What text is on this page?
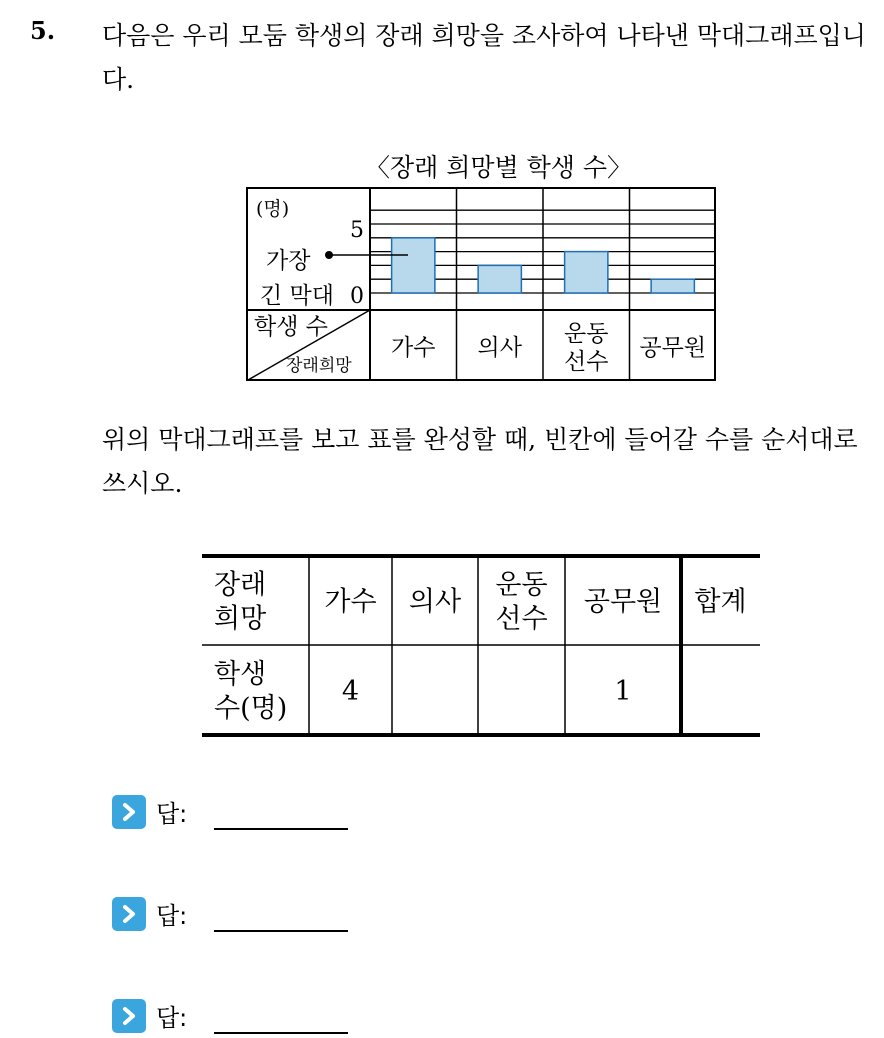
5. 다음은 우리 모둠 학생의 장래 희망을 조사하여 나타낸 막대그래프입니다.
〈장래 희망별 학생 수〉
(명)
5
0
가장
긴 막대
학생 수
장래희망
가수 의사
운동
선수
공무원
위의 막대그래프를 보고 표를 완성할 때, 빈칸에 들어갈 수를 순서대로 쓰시오.
장래
희망
가수 의사
운동
선수
공무원 합계
학생
수(명)
4	1
답:
답:
답:
